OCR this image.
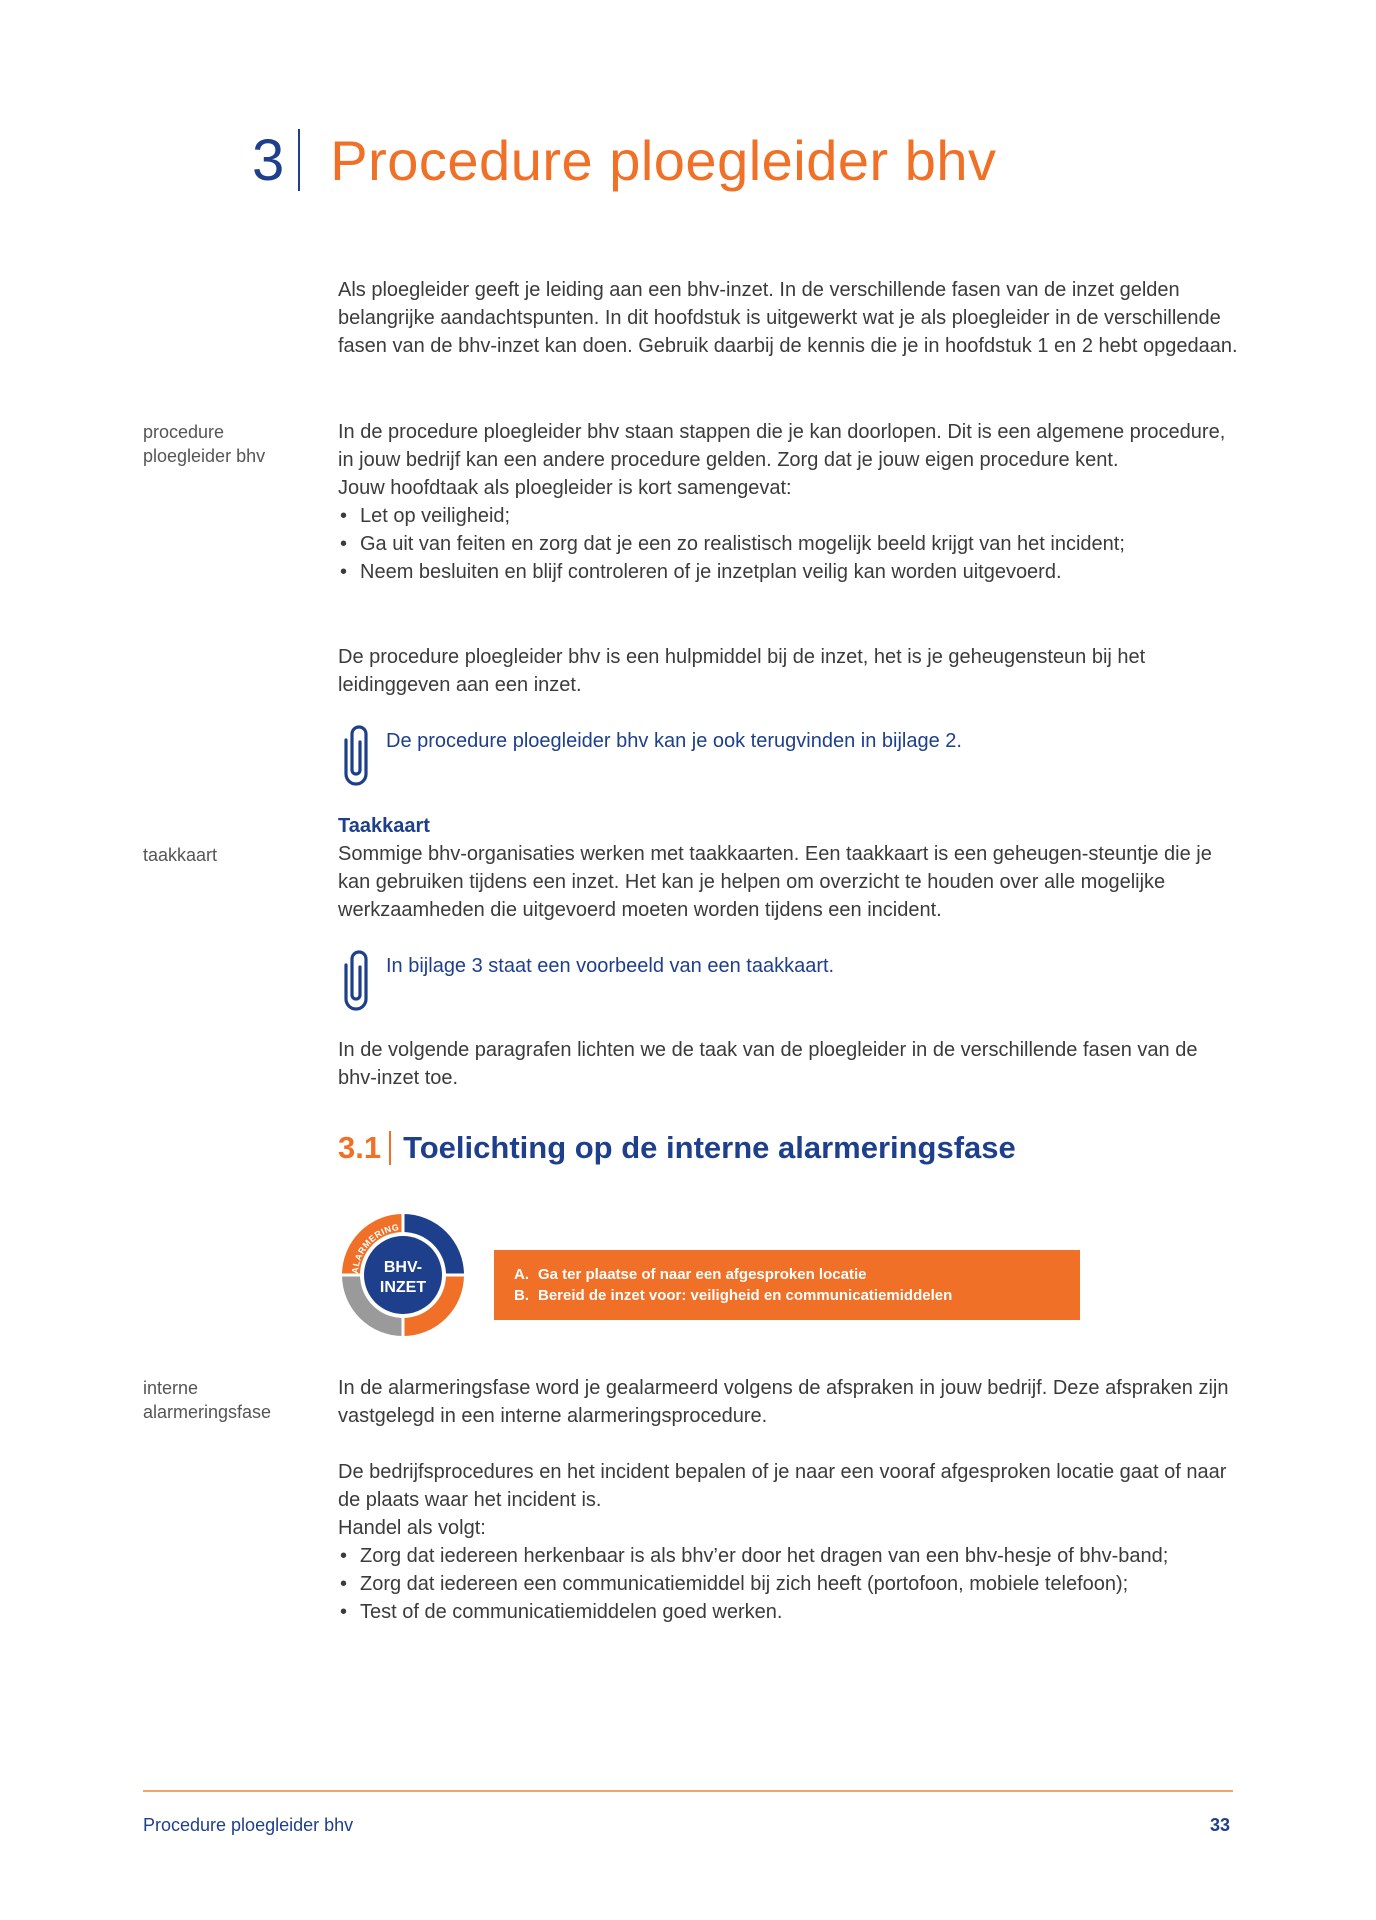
3 Procedure ploegleider bhv

Als ploegleider geeft je leiding aan een bhv-inzet. In de verschillende fasen van de inzet gelden belangrijke aandachtspunten. In dit hoofdstuk is uitgewerkt wat je als ploegleider in de verschillende fasen van de bhv-inzet kan doen. Gebruik daarbij de kennis die je in hoofdstuk 1 en 2 hebt opgedaan.

procedure ploegleider bhv

In de procedure ploegleider bhv staan stappen die je kan doorlopen. Dit is een algemene procedure, in jouw bedrijf kan een andere procedure gelden. Zorg dat je jouw eigen procedure kent.
Jouw hoofdtaak als ploegleider is kort samengevat:
• Let op veiligheid;
• Ga uit van feiten en zorg dat je een zo realistisch mogelijk beeld krijgt van het incident;
• Neem besluiten en blijf controleren of je inzetplan veilig kan worden uitgevoerd.

De procedure ploegleider bhv is een hulpmiddel bij de inzet, het is je geheugensteun bij het leidinggeven aan een inzet.

De procedure ploegleider bhv kan je ook terugvinden in bijlage 2.
Taakkaart

taakkaart	Sommige bhv-organisaties werken met taakkaarten. Een taakkaart is een geheugen-steuntje die je kan gebruiken tijdens een inzet. Het kan je helpen om overzicht te houden over alle mogelijke werkzaamheden die uitgevoerd moeten worden tijdens een incident.

In bijlage 3 staat een voorbeeld van een taakkaart.

In de volgende paragrafen lichten we de taak van de ploegleider in de verschillende fasen van de bhv-inzet toe.

3.1 Toelichting op de interne alarmeringsfase
ALARMERING
BHV-
INZET
A. Ga ter plaatse of naar een afgesproken locatie
B. Bereid de inzet voor: veiligheid en communicatiemiddelen

interne alarmeringsfase

In de alarmeringsfase word je gealarmeerd volgens de afspraken in jouw bedrijf. Deze afspraken zijn vastgelegd in een interne alarmeringsprocedure.

De bedrijfsprocedures en het incident bepalen of je naar een vooraf afgesproken locatie gaat of naar de plaats waar het incident is.
Handel als volgt:
• Zorg dat iedereen herkenbaar is als bhv’er door het dragen van een bhv-hesje of bhv-band;
• Zorg dat iedereen een communicatiemiddel bij zich heeft (portofoon, mobiele telefoon);
• Test of de communicatiemiddelen goed werken.
Procedure ploegleider bhv	33
